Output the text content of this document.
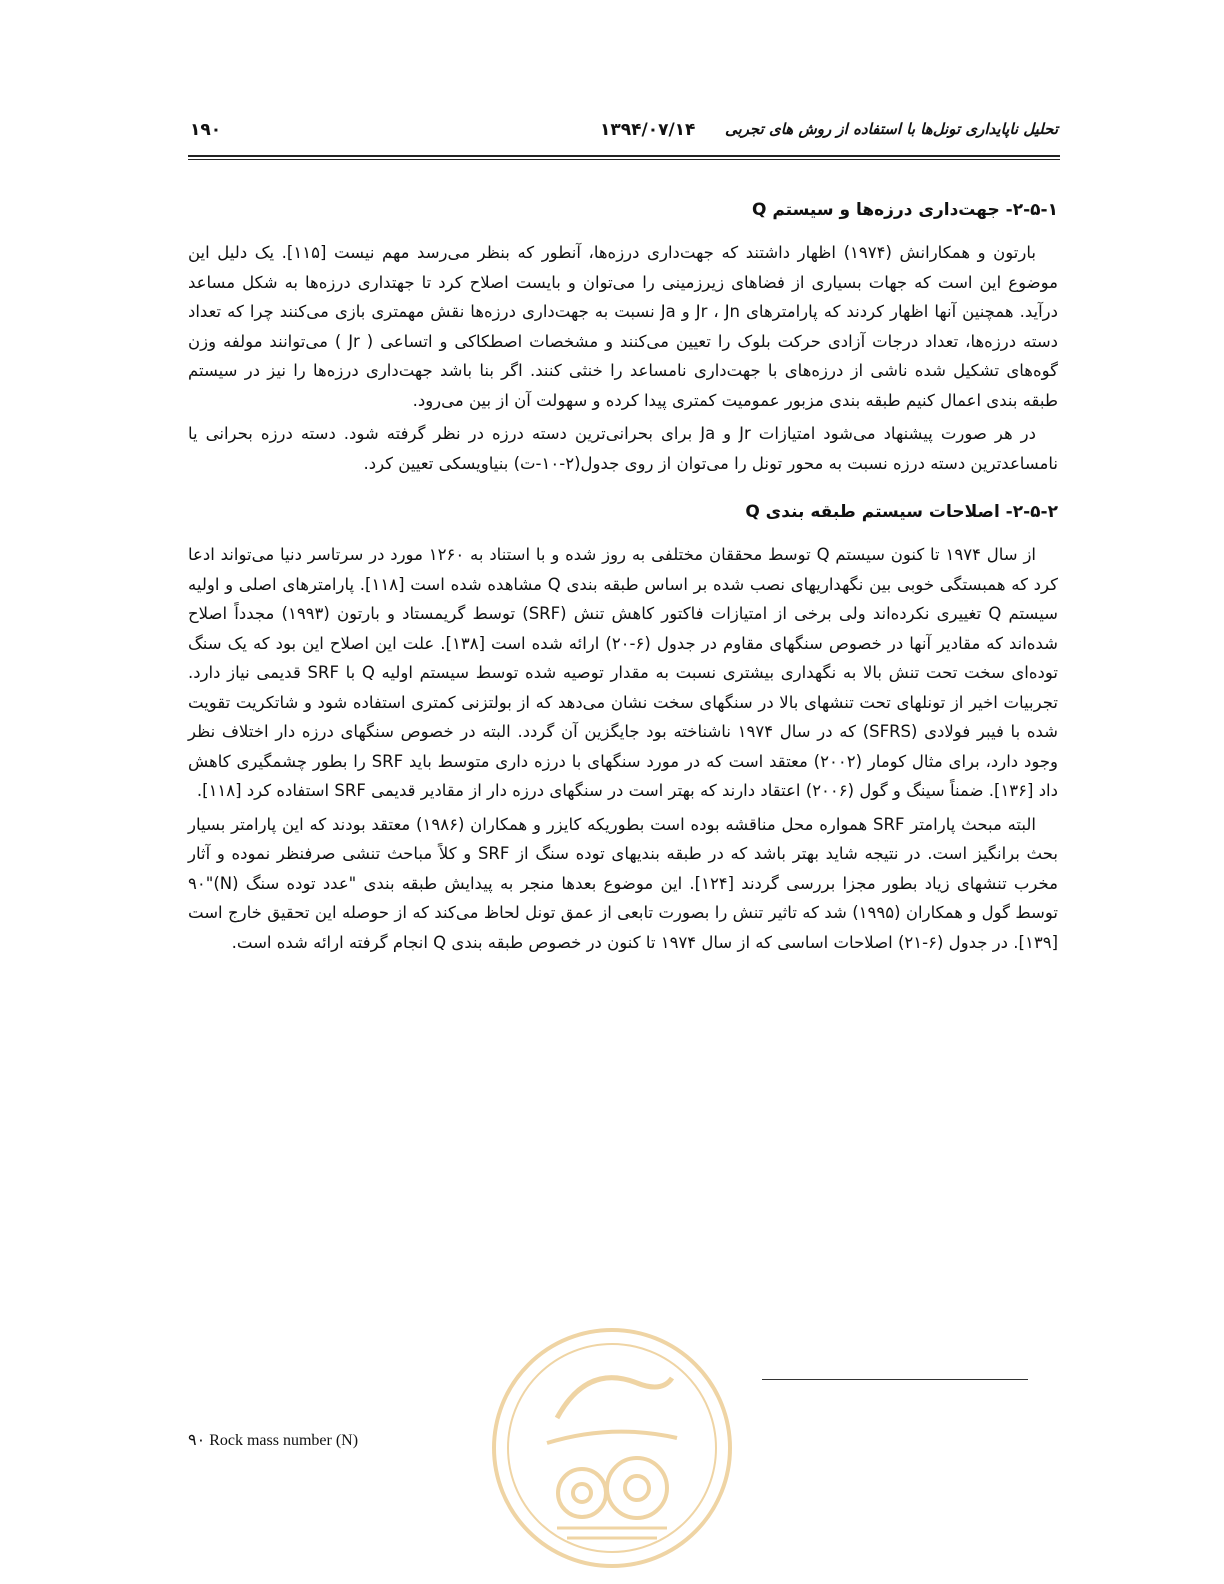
تحلیل ناپایداری تونل‌ها با استفاده از روش های تجربی
۱۳۹۴/۰۷/۱۴
۱۹۰
۲-۵-۱- جهت‌داری درزه‌ها و سیستم Q

بارتون و همکارانش (۱۹۷۴) اظهار داشتند که جهت‌داری درزه‌ها، آنطور که بنظر می‌رسد مهم نیست [۱۱۵]. یک دلیل این موضوع این است که جهات بسیاری از فضاهای زیرزمینی را می‌توان و بایست اصلاح کرد تا جهتداری درزه‌ها به شکل مساعد درآید. همچنین آنها اظهار کردند که پارامترهای Jr ، Jn و Ja نسبت به جهت‌داری درزه‌ها نقش مهمتری بازی می‌کنند چرا که تعداد دسته درزه‌ها، تعداد درجات آزادی حرکت بلوک را تعیین می‌کنند و مشخصات اصطکاکی و اتساعی ( Jr ) می‌توانند مولفه وزن گوه‌های تشکیل شده ناشی از درزه‌های با جهت‌داری نامساعد را خنثی کنند. اگر بنا باشد جهت‌داری درزه‌ها را نیز در سیستم طبقه بندی اعمال کنیم طبقه بندی مزبور عمومیت کمتری پیدا کرده و سهولت آن از بین می‌رود.

در هر صورت پیشنهاد می‌شود امتیازات Jr و Ja برای بحرانی‌ترین دسته درزه در نظر گرفته شود. دسته درزه بحرانی یا نامساعدترین دسته درزه نسبت به محور تونل را می‌توان از روی جدول(۲-۱۰-ت) بنیاویسکی تعیین کرد.

۲-۵-۲- اصلاحات سیستم طبقه بندی Q

از سال ۱۹۷۴ تا کنون سیستم Q توسط محققان مختلفی به روز شده و با استناد به ۱۲۶۰ مورد در سرتاسر دنیا می‌تواند ادعا کرد که همبستگی خوبی بین نگهداریهای نصب شده بر اساس طبقه بندی Q مشاهده شده است [۱۱۸]. پارامترهای اصلی و اولیه سیستم Q تغییری نکرده‌اند ولی برخی از امتیازات فاکتور کاهش تنش (SRF) توسط گریمستاد و بارتون (۱۹۹۳) مجدداً اصلاح شده‌اند که مقادیر آنها در خصوص سنگهای مقاوم در جدول (۶-۲۰) ارائه شده است [۱۳۸]. علت این اصلاح این بود که یک سنگ توده‌ای سخت تحت تنش بالا به نگهداری بیشتری نسبت به مقدار توصیه شده توسط سیستم اولیه Q با SRF قدیمی نیاز دارد. تجربیات اخیر از تونلهای تحت تنشهای بالا در سنگهای سخت نشان می‌دهد که از بولتزنی کمتری استفاده شود و شاتکریت تقویت شده با فیبر فولادی (SFRS) که در سال ۱۹۷۴ ناشناخته بود جایگزین آن گردد. البته در خصوص سنگهای درزه دار اختلاف نظر وجود دارد، برای مثال کومار (۲۰۰۲) معتقد است که در مورد سنگهای با درزه داری متوسط باید SRF را بطور چشمگیری کاهش داد [۱۳۶]. ضمناً سینگ و گول (۲۰۰۶) اعتقاد دارند که بهتر است در سنگهای درزه دار از مقادیر قدیمی SRF استفاده کرد [۱۱۸].

البته مبحث پارامتر SRF همواره محل مناقشه بوده است بطوریکه کایزر و همکاران (۱۹۸۶) معتقد بودند که این پارامتر بسیار بحث برانگیز است. در نتیجه شاید بهتر باشد که در طبقه بندیهای توده سنگ از SRF و کلاً مباحث تنشی صرفنظر نموده و آثار مخرب تنشهای زیاد بطور مجزا بررسی گردند [۱۲۴]. این موضوع بعدها منجر به پیدایش طبقه بندی "عدد توده سنگ (N)"۹۰ توسط گول و همکاران (۱۹۹۵) شد که تاثیر تنش را بصورت تابعی از عمق تونل لحاظ می‌کند که از حوصله این تحقیق خارج است [۱۳۹]. در جدول (۶-۲۱) اصلاحات اساسی که از سال ۱۹۷۴ تا کنون در خصوص طبقه بندی Q انجام گرفته ارائه شده است.

۹۰ Rock mass number (N)
